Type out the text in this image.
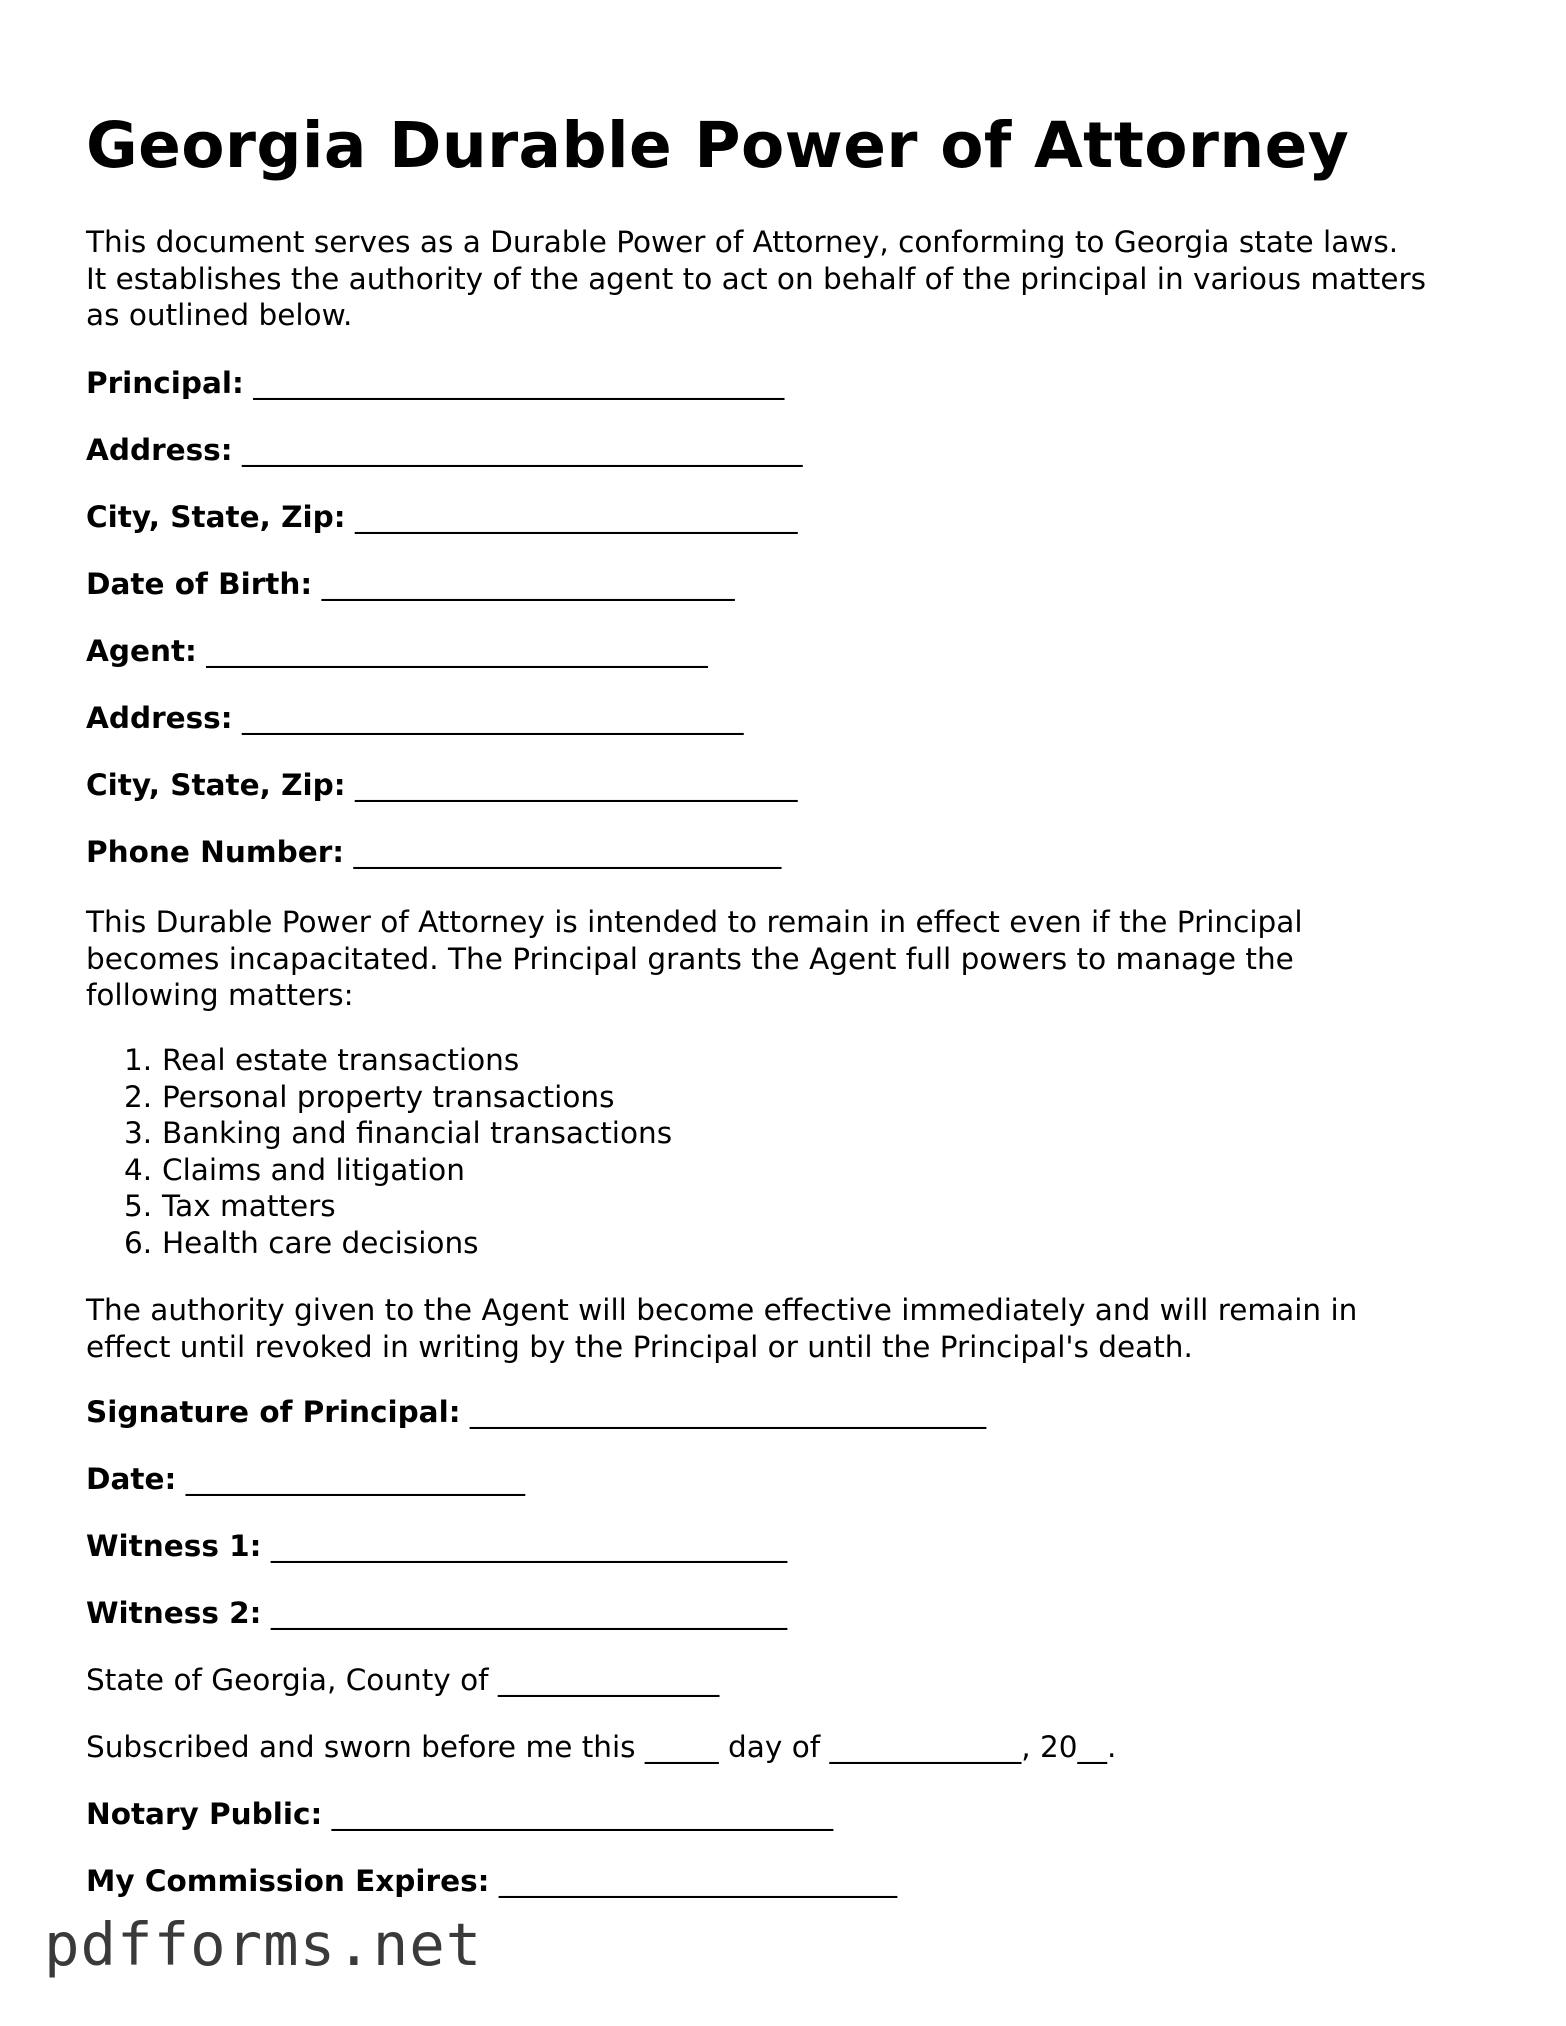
Georgia Durable Power of Attorney

This document serves as a Durable Power of Attorney, conforming to Georgia state laws.
It establishes the authority of the agent to act on behalf of the principal in various matters
as outlined below.

Principal: ____________________________________

Address: ______________________________________

City, State, Zip: ______________________________

Date of Birth: ____________________________

Agent: __________________________________

Address: __________________________________

City, State, Zip: ______________________________

Phone Number: _____________________________

This Durable Power of Attorney is intended to remain in effect even if the Principal
becomes incapacitated. The Principal grants the Agent full powers to manage the
following matters:

1. Real estate transactions
2. Personal property transactions
3. Banking and financial transactions
4. Claims and litigation
5. Tax matters
6. Health care decisions

The authority given to the Agent will become effective immediately and will remain in
effect until revoked in writing by the Principal or until the Principal's death.

Signature of Principal: ___________________________________

Date: _______________________

Witness 1: ___________________________________

Witness 2: ___________________________________

State of Georgia, County of _______________

Subscribed and sworn before me this _____ day of _____________, 20__.

Notary Public: __________________________________

My Commission Expires: ___________________________

pdfforms.net
